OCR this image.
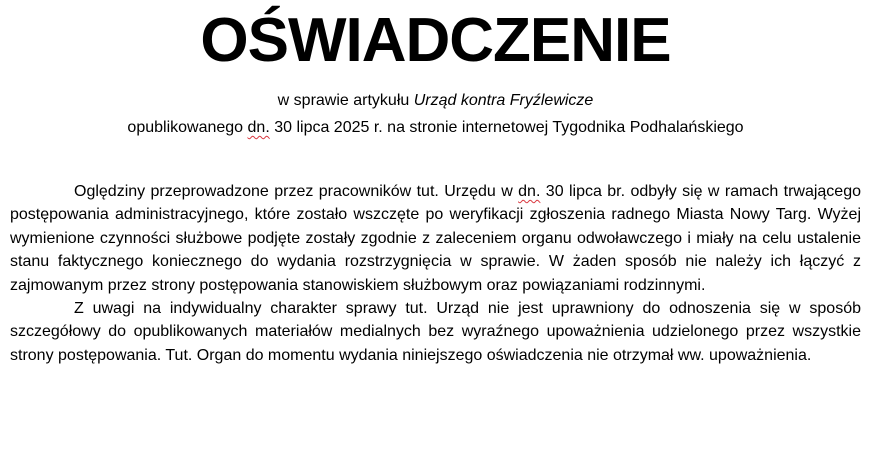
OŚWIADCZENIE
w sprawie artykułu Urząd kontra Fryźlewicze
opublikowanego dn. 30 lipca 2025 r. na stronie internetowej Tygodnika Podhalańskiego

Oględziny przeprowadzone przez pracowników tut. Urzędu w dn. 30 lipca br. odbyły się w ramach trwającego postępowania administracyjnego, które zostało wszczęte po weryfikacji zgłoszenia radnego Miasta Nowy Targ. Wyżej wymienione czynności służbowe podjęte zostały zgodnie z zaleceniem organu odwoławczego i miały na celu ustalenie stanu faktycznego koniecznego do wydania rozstrzygnięcia w sprawie. W żaden sposób nie należy ich łączyć z zajmowanym przez strony postępowania stanowiskiem służbowym oraz powiązaniami rodzinnymi.

Z uwagi na indywidualny charakter sprawy tut. Urząd nie jest uprawniony do odnoszenia się w sposób szczegółowy do opublikowanych materiałów medialnych bez wyraźnego upoważnienia udzielonego przez wszystkie strony postępowania. Tut. Organ do momentu wydania niniejszego oświadczenia nie otrzymał ww. upoważnienia.
